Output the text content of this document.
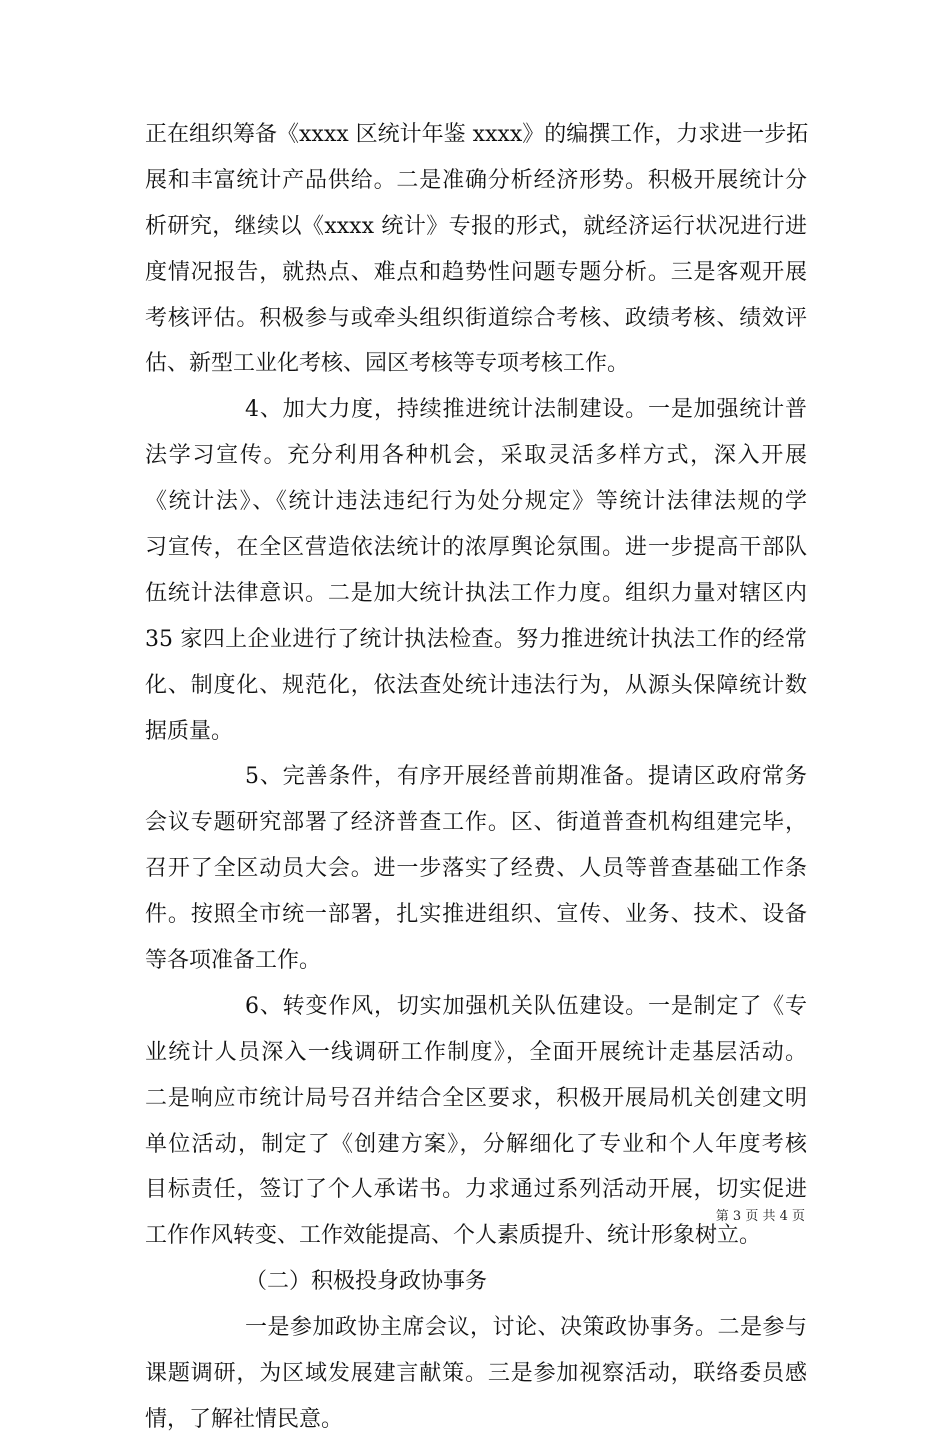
正在组织筹备《xxxx 区统计年鉴 xxxx》的编撰工作，力求进一步拓
展和丰富统计产品供给。二是准确分析经济形势。积极开展统计分
析研究，继续以《xxxx 统计》专报的形式，就经济运行状况进行进
度情况报告，就热点、难点和趋势性问题专题分析。三是客观开展
考核评估。积极参与或牵头组织街道综合考核、政绩考核、绩效评
估、新型工业化考核、园区考核等专项考核工作。
4、加大力度，持续推进统计法制建设。一是加强统计普
法学习宣传。充分利用各种机会，采取灵活多样方式，深入开展
《统计法》、《统计违法违纪行为处分规定》等统计法律法规的学
习宣传，在全区营造依法统计的浓厚舆论氛围。进一步提高干部队
伍统计法律意识。二是加大统计执法工作力度。组织力量对辖区内
35 家四上企业进行了统计执法检查。努力推进统计执法工作的经常
化、制度化、规范化，依法查处统计违法行为，从源头保障统计数
据质量。
5、完善条件，有序开展经普前期准备。提请区政府常务
会议专题研究部署了经济普查工作。区、街道普查机构组建完毕，
召开了全区动员大会。进一步落实了经费、人员等普查基础工作条
件。按照全市统一部署，扎实推进组织、宣传、业务、技术、设备
等各项准备工作。
6、转变作风，切实加强机关队伍建设。一是制定了《专
业统计人员深入一线调研工作制度》，全面开展统计走基层活动。
二是响应市统计局号召并结合全区要求，积极开展局机关创建文明
单位活动，制定了《创建方案》，分解细化了专业和个人年度考核
目标责任，签订了个人承诺书。力求通过系列活动开展，切实促进
工作作风转变、工作效能提高、个人素质提升、统计形象树立。
（二）积极投身政协事务
一是参加政协主席会议，讨论、决策政协事务。二是参与
课题调研，为区域发展建言献策。三是参加视察活动，联络委员感
情，了解社情民意。
第 3 页 共 4 页
